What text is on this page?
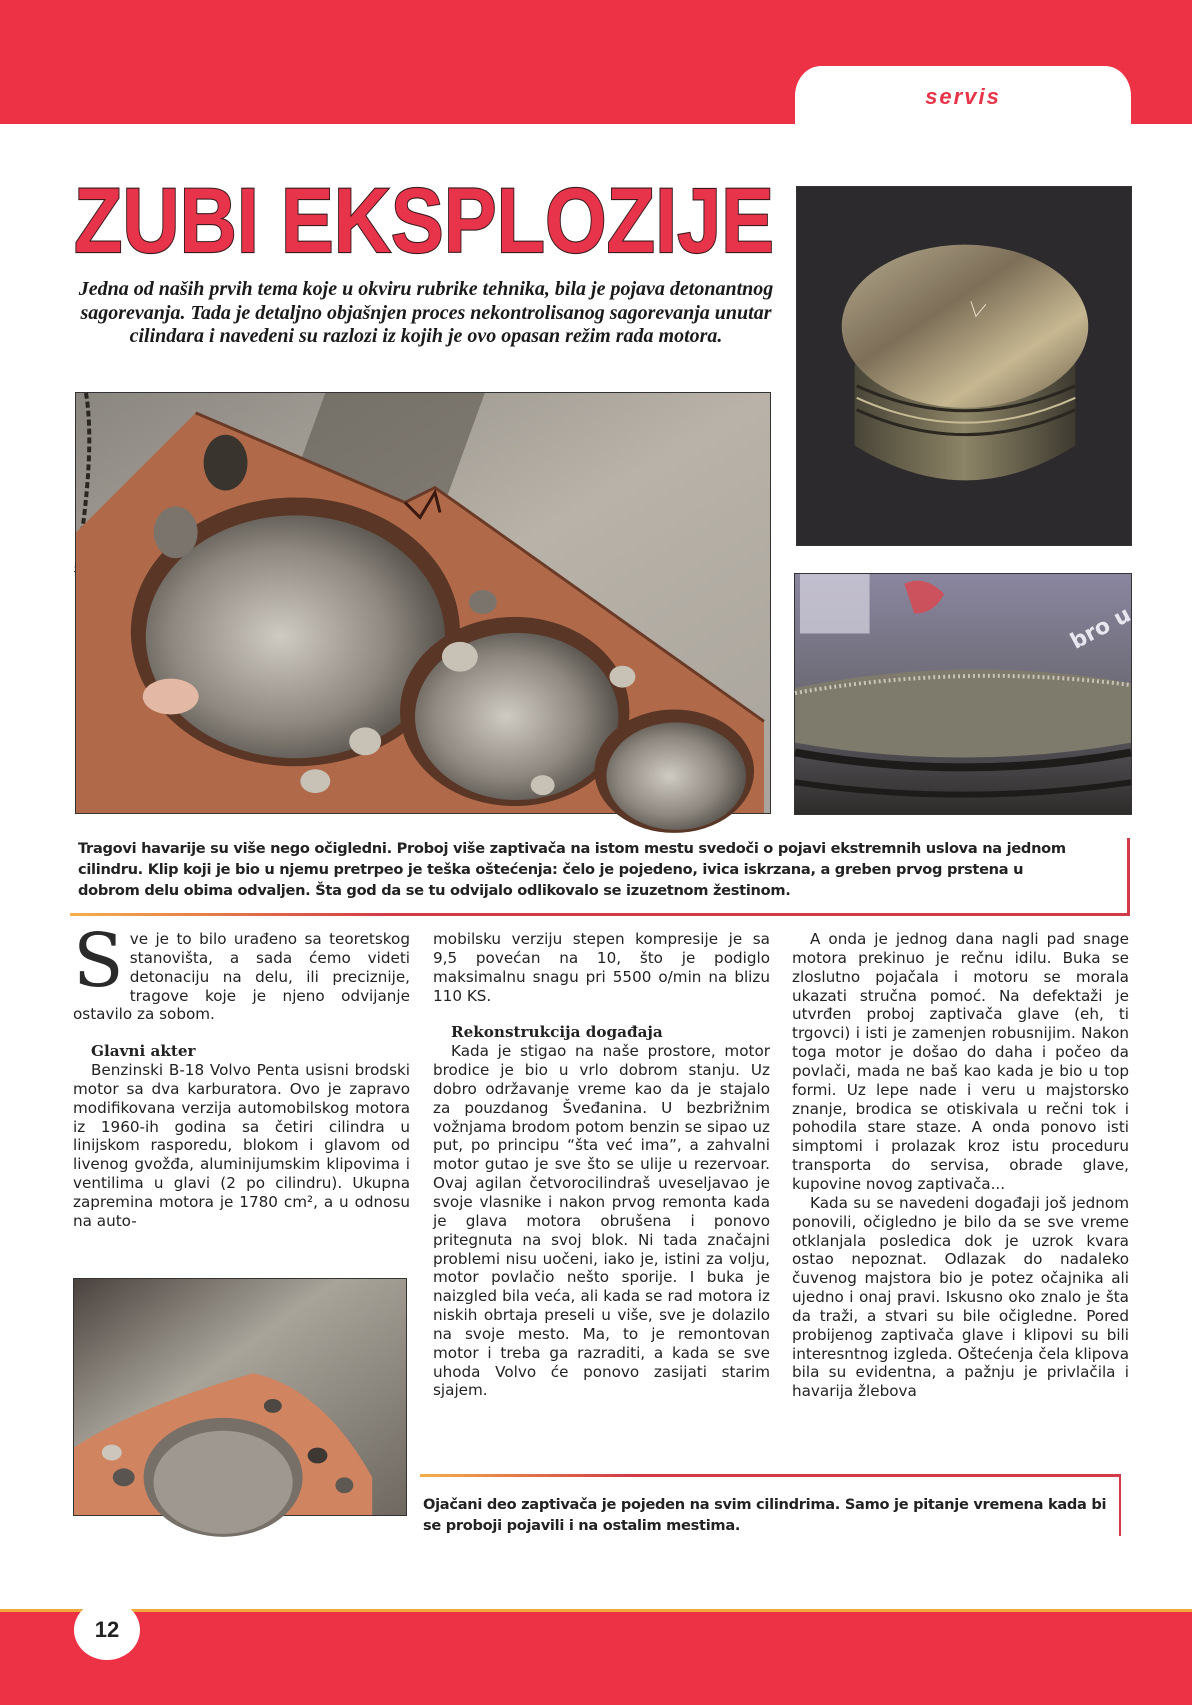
servis
ZUBI EKSPLOZIJE

Jedna od naših prvih tema koje u okviru rubrike tehnika, bila je pojava detonantnog sagorevanja. Tada je detaljno objašnjen proces nekontrolisanog sagorevanja unutar cilindara i navedeni su razlozi iz kojih je ovo opasan režim rada motora.

bro u

Tragovi havarije su više nego očigledni. Proboj više zaptivača na istom mestu svedoči o pojavi ekstremnih uslova na jednom cilindru. Klip koji je bio u njemu pretrpeo je teška oštećenja: čelo je pojedeno, ivica iskrzana, a greben prvog prstena u dobrom delu obima odvaljen. Šta god da se tu odvijalo odlikovalo se izuzetnom žestinom.

Sve je to bilo urađeno sa teoretskog stanovišta, a sada ćemo videti detonaciju na delu, ili preciznije, tragove koje je njeno odvijanje ostavilo za sobom.

Glavni akter

Benzinski B-18 Volvo Penta usisni brodski motor sa dva karburatora. Ovo je zapravo modifikovana verzija automobilskog motora iz 1960-ih godina sa četiri cilindra u linijskom rasporedu, blokom i glavom od livenog gvožđa, aluminijumskim klipovima i ventilima u glavi (2 po cilindru). Ukupna zapremina motora je 1780 cm², a u odnosu na auto-

mobilsku verziju stepen kompresije je sa 9,5 povećan na 10, što je podiglo maksimalnu snagu pri 5500 o/min na blizu 110 KS.

Rekonstrukcija događaja

Kada je stigao na naše prostore, motor brodice je bio u vrlo dobrom stanju. Uz dobro održavanje vreme kao da je stajalo za pouzdanog Šveđanina. U bezbrižnim vožnjama brodom potom benzin se sipao uz put, po principu “šta već ima”, a zahvalni motor gutao je sve što se ulije u rezervoar. Ovaj agilan četvorocilindraš uveseljavao je svoje vlasnike i nakon prvog remonta kada je glava motora obrušena i ponovo pritegnuta na svoj blok. Ni tada značajni problemi nisu uočeni, iako je, istini za volju, motor povlačio nešto sporije. I buka je naizgled bila veća, ali kada se rad motora iz niskih obrtaja preseli u više, sve je dolazilo na svoje mesto. Ma, to je remontovan motor i treba ga razraditi, a kada se sve uhoda Volvo će ponovo zasijati starim sjajem.

A onda je jednog dana nagli pad snage motora prekinuo je rečnu idilu. Buka se zloslutno pojačala i motoru se morala ukazati stručna pomoć. Na defektaži je utvrđen proboj zaptivača glave (eh, ti trgovci) i isti je zamenjen robusnijim. Nakon toga motor je došao do daha i počeo da povlači, mada ne baš kao kada je bio u top formi. Uz lepe nade i veru u majstorsko znanje, brodica se otiskivala u rečni tok i pohodila stare staze. A onda ponovo isti simptomi i prolazak kroz istu proceduru transporta do servisa, obrade glave, kupovine novog zaptivača...

Kada su se navedeni događaji još jednom ponovili, očigledno je bilo da se sve vreme otklanjala posledica dok je uzrok kvara ostao nepoznat. Odlazak do nadaleko čuvenog majstora bio je potez očajnika ali ujedno i onaj pravi. Iskusno oko znalo je šta da traži, a stvari su bile očigledne. Pored probijenog zaptivača glave i klipovi su bili interesntnog izgleda. Oštećenja čela klipova bila su evidentna, a pažnju je privlačila i havarija žlebova

Ojačani deo zaptivača je pojeden na svim cilindrima. Samo je pitanje vremena kada bi se proboji pojavili i na ostalim mestima.

12
